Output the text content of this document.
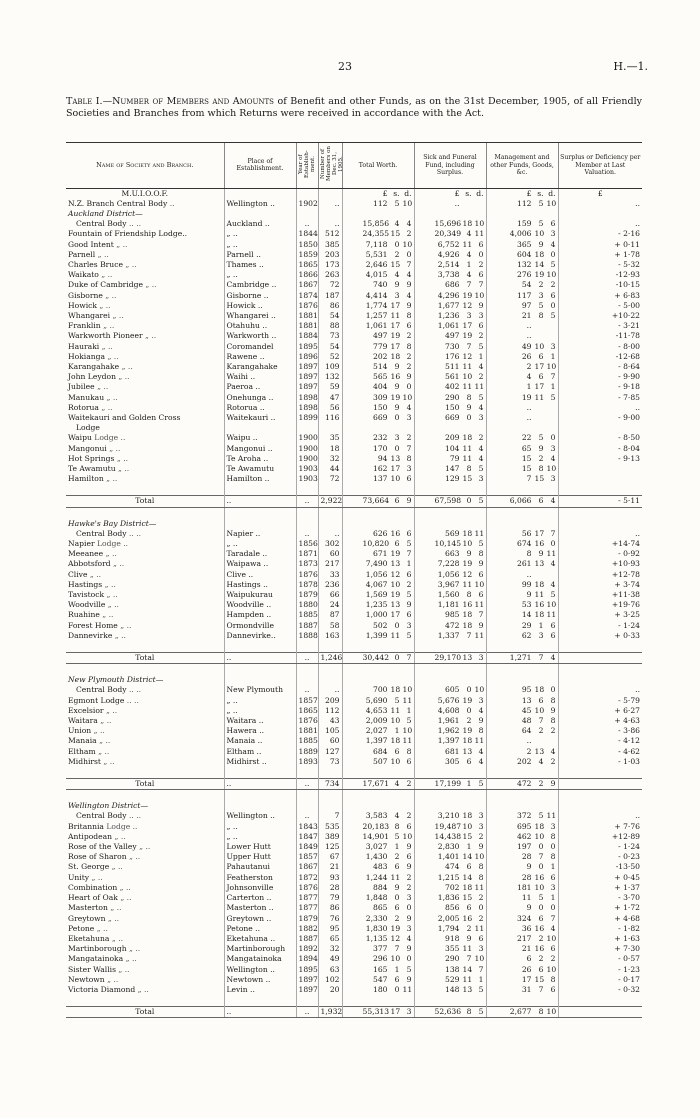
23	H.—1.
Table I.—Number of Members and Amounts of Benefit and other Funds, as on the 31st December, 1905, of all Friendly Societies and Branches from which Returns were received in accordance with the Act.
Name of Society and Branch.	Place of Establishment.	Year of Establish-ment.	Number of Members on Dec. 31, 1905.	Total Worth.	Sick and Funeral Fund, including Surplus.	Management and other Funds, Goods, &c.	Surplus or Deficiency per Member at Last Valuation.
M.U.I.O.O.F.				£ s. d.	£ s. d.	£ s. d.	£
N.Z. Branch Central Body ..	Wellington ..	1902	..	112 5 10	..	112 5 10	..
Auckland District—							
Central Body .. ..	Auckland ..	..	..	15,856 4 4	15,696 18 10	159 5 6	..
Fountain of Friendship Lodge..	„ ..	1844	512	24,355 15 2	20,349 4 11	4,006 10 3	- 2·16
Good Intent „ ..	„ ..	1850	385	7,118 0 10	6,752 11 6	365 9 4	+ 0·11
Parnell „ ..	Parnell ..	1859	203	5,531 2 0	4,926 4 0	604 18 0	+ 1·78
Charles Bruce „ ..	Thames ..	1865	173	2,646 15 7	2,514 1 2	132 14 5	- 5·32
Waikato „ ..	„ ..	1866	263	4,015 4 4	3,738 4 6	276 19 10	-12·93
Duke of Cambridge „ ..	Cambridge ..	1867	72	740 9 9	686 7 7	54 2 2	-10·15
Gisborne „ ..	Gisborne ..	1874	187	4,414 3 4	4,296 19 10	117 3 6	+ 6·83
Howick „ ..	Howick ..	1876	86	1,774 17 9	1,677 12 9	97 5 0	- 5·00
Whangarei „ ..	Whangarei ..	1881	54	1,257 11 8	1,236 3 3	21 8 5	+10·22
Franklin „ ..	Otahuhu ..	1881	88	1,061 17 6	1,061 17 6	..	- 3·21
Warkworth Pioneer „ ..	Warkworth ..	1884	73	497 19 2	497 19 2	..	-11·78
Hauraki „ ..	Coromandel	1895	54	779 17 8	730 7 5	49 10 3	- 8·00
Hokianga „ ..	Rawene ..	1896	52	202 18 2	176 12 1	26 6 1	-12·68
Karangahake „ ..	Karangahake	1897	109	514 9 2	511 11 4	2 17 10	- 8·64
John Leydon „ ..	Waihi ..	1897	132	565 16 9	561 10 2	4 6 7	- 9·90
Jubilee „ ..	Paeroa ..	1897	59	404 9 0	402 11 11	1 17 1	- 9·18
Manukau „ ..	Onehunga ..	1898	47	309 19 10	290 8 5	19 11 5	- 7·85
Rotorua „ ..	Rotorua ..	1898	56	150 9 4	150 9 4	..	..
Waitekauri and Golden Cross	Waitekauri ..	1899	116	669 0 3	669 0 3	..	- 9·00
Lodge							
Waipu Lodge ..	Waipu ..	1900	35	232 3 2	209 18 2	22 5 0	- 8·50
Mangonui „ ..	Mangonui ..	1900	18	170 0 7	104 11 4	65 9 3	- 8·04
Hot Springs „ ..	Te Aroha ..	1900	32	94 13 8	79 11 4	15 2 4	- 9·13
Te Awamutu „ ..	Te Awamutu	1903	44	162 17 3	147 8 5	15 8 10	

Hamilton „ ..	Hamilton ..	1903	72	137 10 6	129 15 3	7 15 3	

Total	..	..	2,922	73,664 6 9	67,598 0 5	6,066 6 4	- 5·11

Hawke's Bay District—							
Central Body .. ..	Napier ..	..	..	626 16 6	569 18 11	56 17 7	..
Napier Lodge ..	„ ..	1856	302	10,820 6 5	10,145 10 5	674 16 0	+14·74
Meeanee „ ..	Taradale ..	1871	60	671 19 7	663 9 8	8 9 11	- 0·92
Abbotsford „ ..	Waipawa ..	1873	217	7,490 13 1	7,228 19 9	261 13 4	+10·93
Clive „ ..	Clive ..	1876	33	1,056 12 6	1,056 12 6	..	+12·78
Hastings „ ..	Hastings ..	1878	236	4,067 10 2	3,967 11 10	99 18 4	+ 3·74
Tavistock „ ..	Waipukurau	1879	66	1,569 19 5	1,560 8 6	9 11 5	+11·38
Woodville „ ..	Woodville ..	1880	24	1,235 13 9	1,181 16 11	53 16 10	+19·76
Ruahine „ ..	Hampden ..	1885	87	1,000 17 6	985 18 7	14 18 11	+ 3·25
Forest Home „ ..	Ormondville	1887	58	502 0 3	472 18 9	29 1 6	- 1·24
Dannevirke „ ..	Dannevirke..	1888	163	1,399 11 5	1,337 7 11	62 3 6	+ 0·33

Total	..	..	1,246	30,442 0 7	29,170 13 3	1,271 7 4	

New Plymouth District—							
Central Body .. ..	New Plymouth	..	..	700 18 10	605 0 10	95 18 0	..
Egmont Lodge .. ..	„ ..	1857	209	5,690 5 11	5,676 19 3	13 6 8	- 5·79
Excelsior „ ..	„ ..	1865	112	4,653 11 1	4,608 0 4	45 10 9	+ 6·27
Waitara „ ..	Waitara ..	1876	43	2,009 10 5	1,961 2 9	48 7 8	+ 4·63
Union „ ..	Hawera ..	1881	105	2,027 1 10	1,962 19 8	64 2 2	- 3·86
Manaia „ ..	Manaia ..	1885	60	1,397 18 11	1,397 18 11	..	- 4·12
Eltham „ ..	Eltham ..	1889	127	684 6 8	681 13 4	2 13 4	- 4·62
Midhirst „ ..	Midhirst ..	1893	73	507 10 6	305 6 4	202 4 2	- 1·03

Total	..	..	734	17,671 4 2	17,199 1 5	472 2 9	

Wellington District—							
Central Body .. ..	Wellington ..	..	7	3,583 4 2	3,210 18 3	372 5 11	..
Britannia Lodge ..	„ ..	1843	535	20,183 8 6	19,487 10 3	695 18 3	+ 7·76
Antipodean „ ..	„ ..	1847	389	14,901 5 10	14,438 15 2	462 10 8	+12·89
Rose of the Valley „ ..	Lower Hutt	1849	125	3,027 1 9	2,830 1 9	197 0 0	- 1·24
Rose of Sharon „ ..	Upper Hutt	1857	67	1,430 2 6	1,401 14 10	28 7 8	- 0·23
St. George „ ..	Pahautanui	1867	21	483 6 9	474 6 8	9 0 1	-13·50
Unity „ ..	Featherston	1872	93	1,244 11 2	1,215 14 8	28 16 6	+ 0·45
Combination „ ..	Johnsonville	1876	28	884 9 2	702 18 11	181 10 3	+ 1·37
Heart of Oak „ ..	Carterton ..	1877	79	1,848 0 3	1,836 15 2	11 5 1	- 3·70
Masterton „ ..	Masterton ..	1877	86	865 6 0	856 6 0	9 0 0	+ 1·72
Greytown „ ..	Greytown ..	1879	76	2,330 2 9	2,005 16 2	324 6 7	+ 4·68
Petone „ ..	Petone ..	1882	95	1,830 19 3	1,794 2 11	36 16 4	- 1·82
Eketahuna „ ..	Eketahuna ..	1887	65	1,135 12 4	918 9 6	217 2 10	+ 1·63
Martinborough „ ..	Martinborough	1892	32	377 7 9	355 11 3	21 16 6	+ 7·30
Mangatainoka „ ..	Mangatainoka	1894	49	296 10 0	290 7 10	6 2 2	- 0·57
Sister Wallis „ ..	Wellington ..	1895	63	165 1 5	138 14 7	26 6 10	- 1·23
Newtown „ ..	Newtown ..	1897	102	547 6 9	529 11 1	17 15 8	- 0·17
Victoria Diamond „ ..	Levin ..	1897	20	180 0 11	148 13 5	31 7 6	- 0·32

Total	..	..	1,932	55,313 17 3	52,636 8 5	2,677 8 10	
